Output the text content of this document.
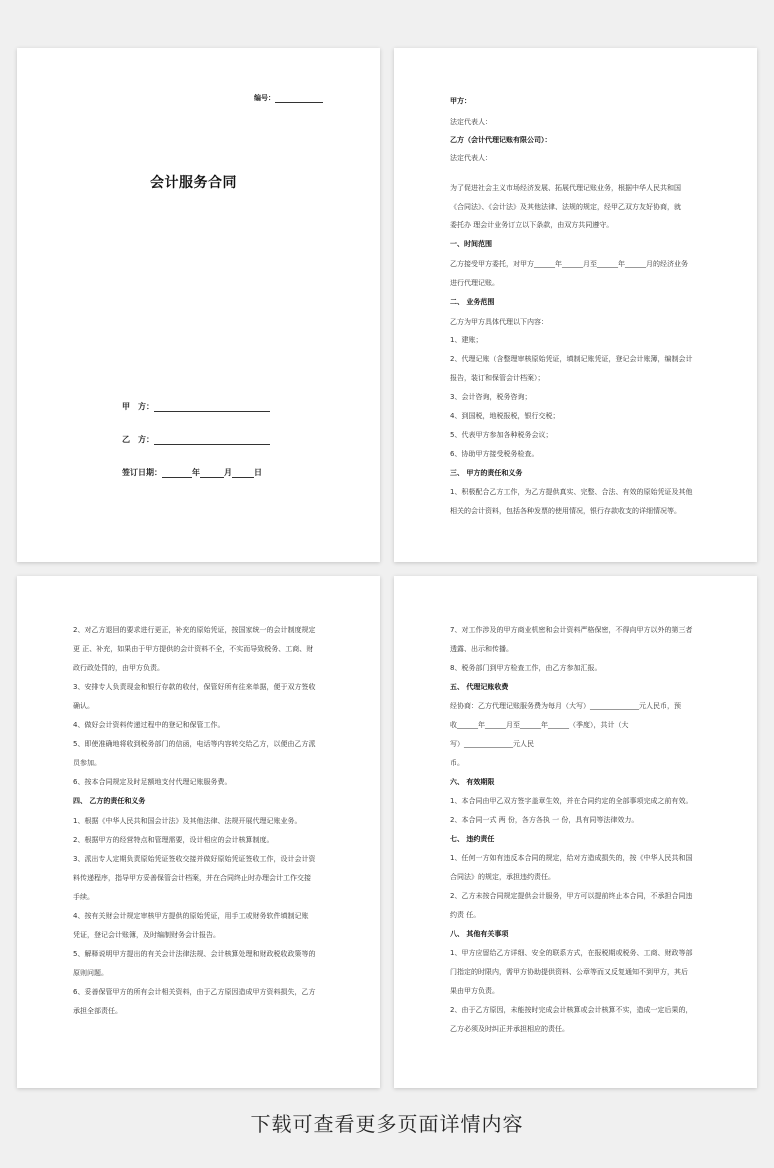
编号：
会计服务合同
甲　方：
乙　方：
签订日期：	年	月	日
甲方：
法定代表人：
乙方（会计代理记账有限公司）：
法定代表人：
为了促进社会主义市场经济发展、拓展代理记账业务，根据中华人民共和国
《合同法》、《会计法》及其他法律、法规的规定，经甲乙双方友好协商，就
委托办 理会计业务订立以下条款，由双方共同遵守。
一、时间范围
乙方接受甲方委托，对甲方______年______月至______年______月的经济业务
进行代理记账。
二、 业务范围
乙方为甲方具体代理以下内容：
1、建账；
2、代理记账（含整理审核原始凭证，填制记账凭证，登记会计账簿，编制会计
报告，装订和保管会计档案）；
3、会计咨询，税务咨询；
4、到国税，地税报税，银行交税；
5、代表甲方参加各种税务会议；
6、协助甲方接受税务检查。
三、 甲方的责任和义务
1、积极配合乙方工作，为乙方提供真实、完整、合法、有效的原始凭证及其他
相关的会计资料，包括各种发票的使用情况，银行存款收支的详细情况等。
2、对乙方退回的要求进行更正，补充的原始凭证，按国家统一的会计制度规定
更 正、补充，如果由于甲方提供的会计资料不全，不实而导致税务、工商、财
政行政处罚的，由甲方负责。
3、安排专人负责现金和银行存款的收付，保管好所有往来单据，便于双方签收
确认。
4、做好会计资料传递过程中的登记和保管工作。
5、即使准确地将收到税务部门的信函，电话等内容转交给乙方，以便由乙方派
员参加。
6、按本合同规定及时足额地支付代理记账服务费。
四、 乙方的责任和义务
1、根据《中华人民共和国会计法》及其他法律、法规开展代理记账业务。
2、根据甲方的经营特点和管理需要，设计相应的会计核算制度。
3、派出专人定期负责原始凭证签收交接并做好原始凭证签收工作，设计会计资
料传递程序，指导甲方妥善保管会计档案，并在合同终止时办理会计工作交接
手续。
4、按有关财会计规定审核甲方提供的原始凭证，用手工或财务软件填制记账
凭证，登记会计账簿，及时编制财务会计报告。
5、解释说明甲方提出的有关会计法律法规、会计核算处理和财政税收政策等的
原则问题。
6、妥善保管甲方的所有会计相关资料，由于乙方原因造成甲方资料损失，乙方
承担全部责任。
7、对工作涉及的甲方商业机密和会计资料严格保密，不得向甲方以外的第三者
透露、出示和传播。
8、税务部门到甲方检查工作，由乙方参加汇报。
五、 代理记账收费
经协商：乙方代理记账服务费为每月（大写）______________元人民币，预
收______年______月至______年______（季度），共计（大
写）______________元人民
币。
六、 有效期限
1、本合同由甲乙双方签字盖章生效，并在合同约定的全部事项完成之前有效。
2、本合同一式 两 份，各方各执 一 份，具有同等法律效力。
七、 违约责任
1、任何一方如有违反本合同的规定，给对方造成损失的，按《中华人民共和国
合同法》的规定，承担违约责任。
2、乙方未按合同规定提供会计服务，甲方可以提前终止本合同，不承担合同违
约责 任。
八、 其他有关事项
1、甲方应留给乙方详细、安全的联系方式，在报税期或税务、工商、财政等部
门指定的时限内，需甲方协助提供资料、公章等而又反复通知不到甲方，其后
果由甲方负责。
2、由于乙方原因，未能按时完成会计核算或会计核算不实，造成一定后果的，
乙方必须及时纠正并承担相应的责任。
下载可查看更多页面详情内容
